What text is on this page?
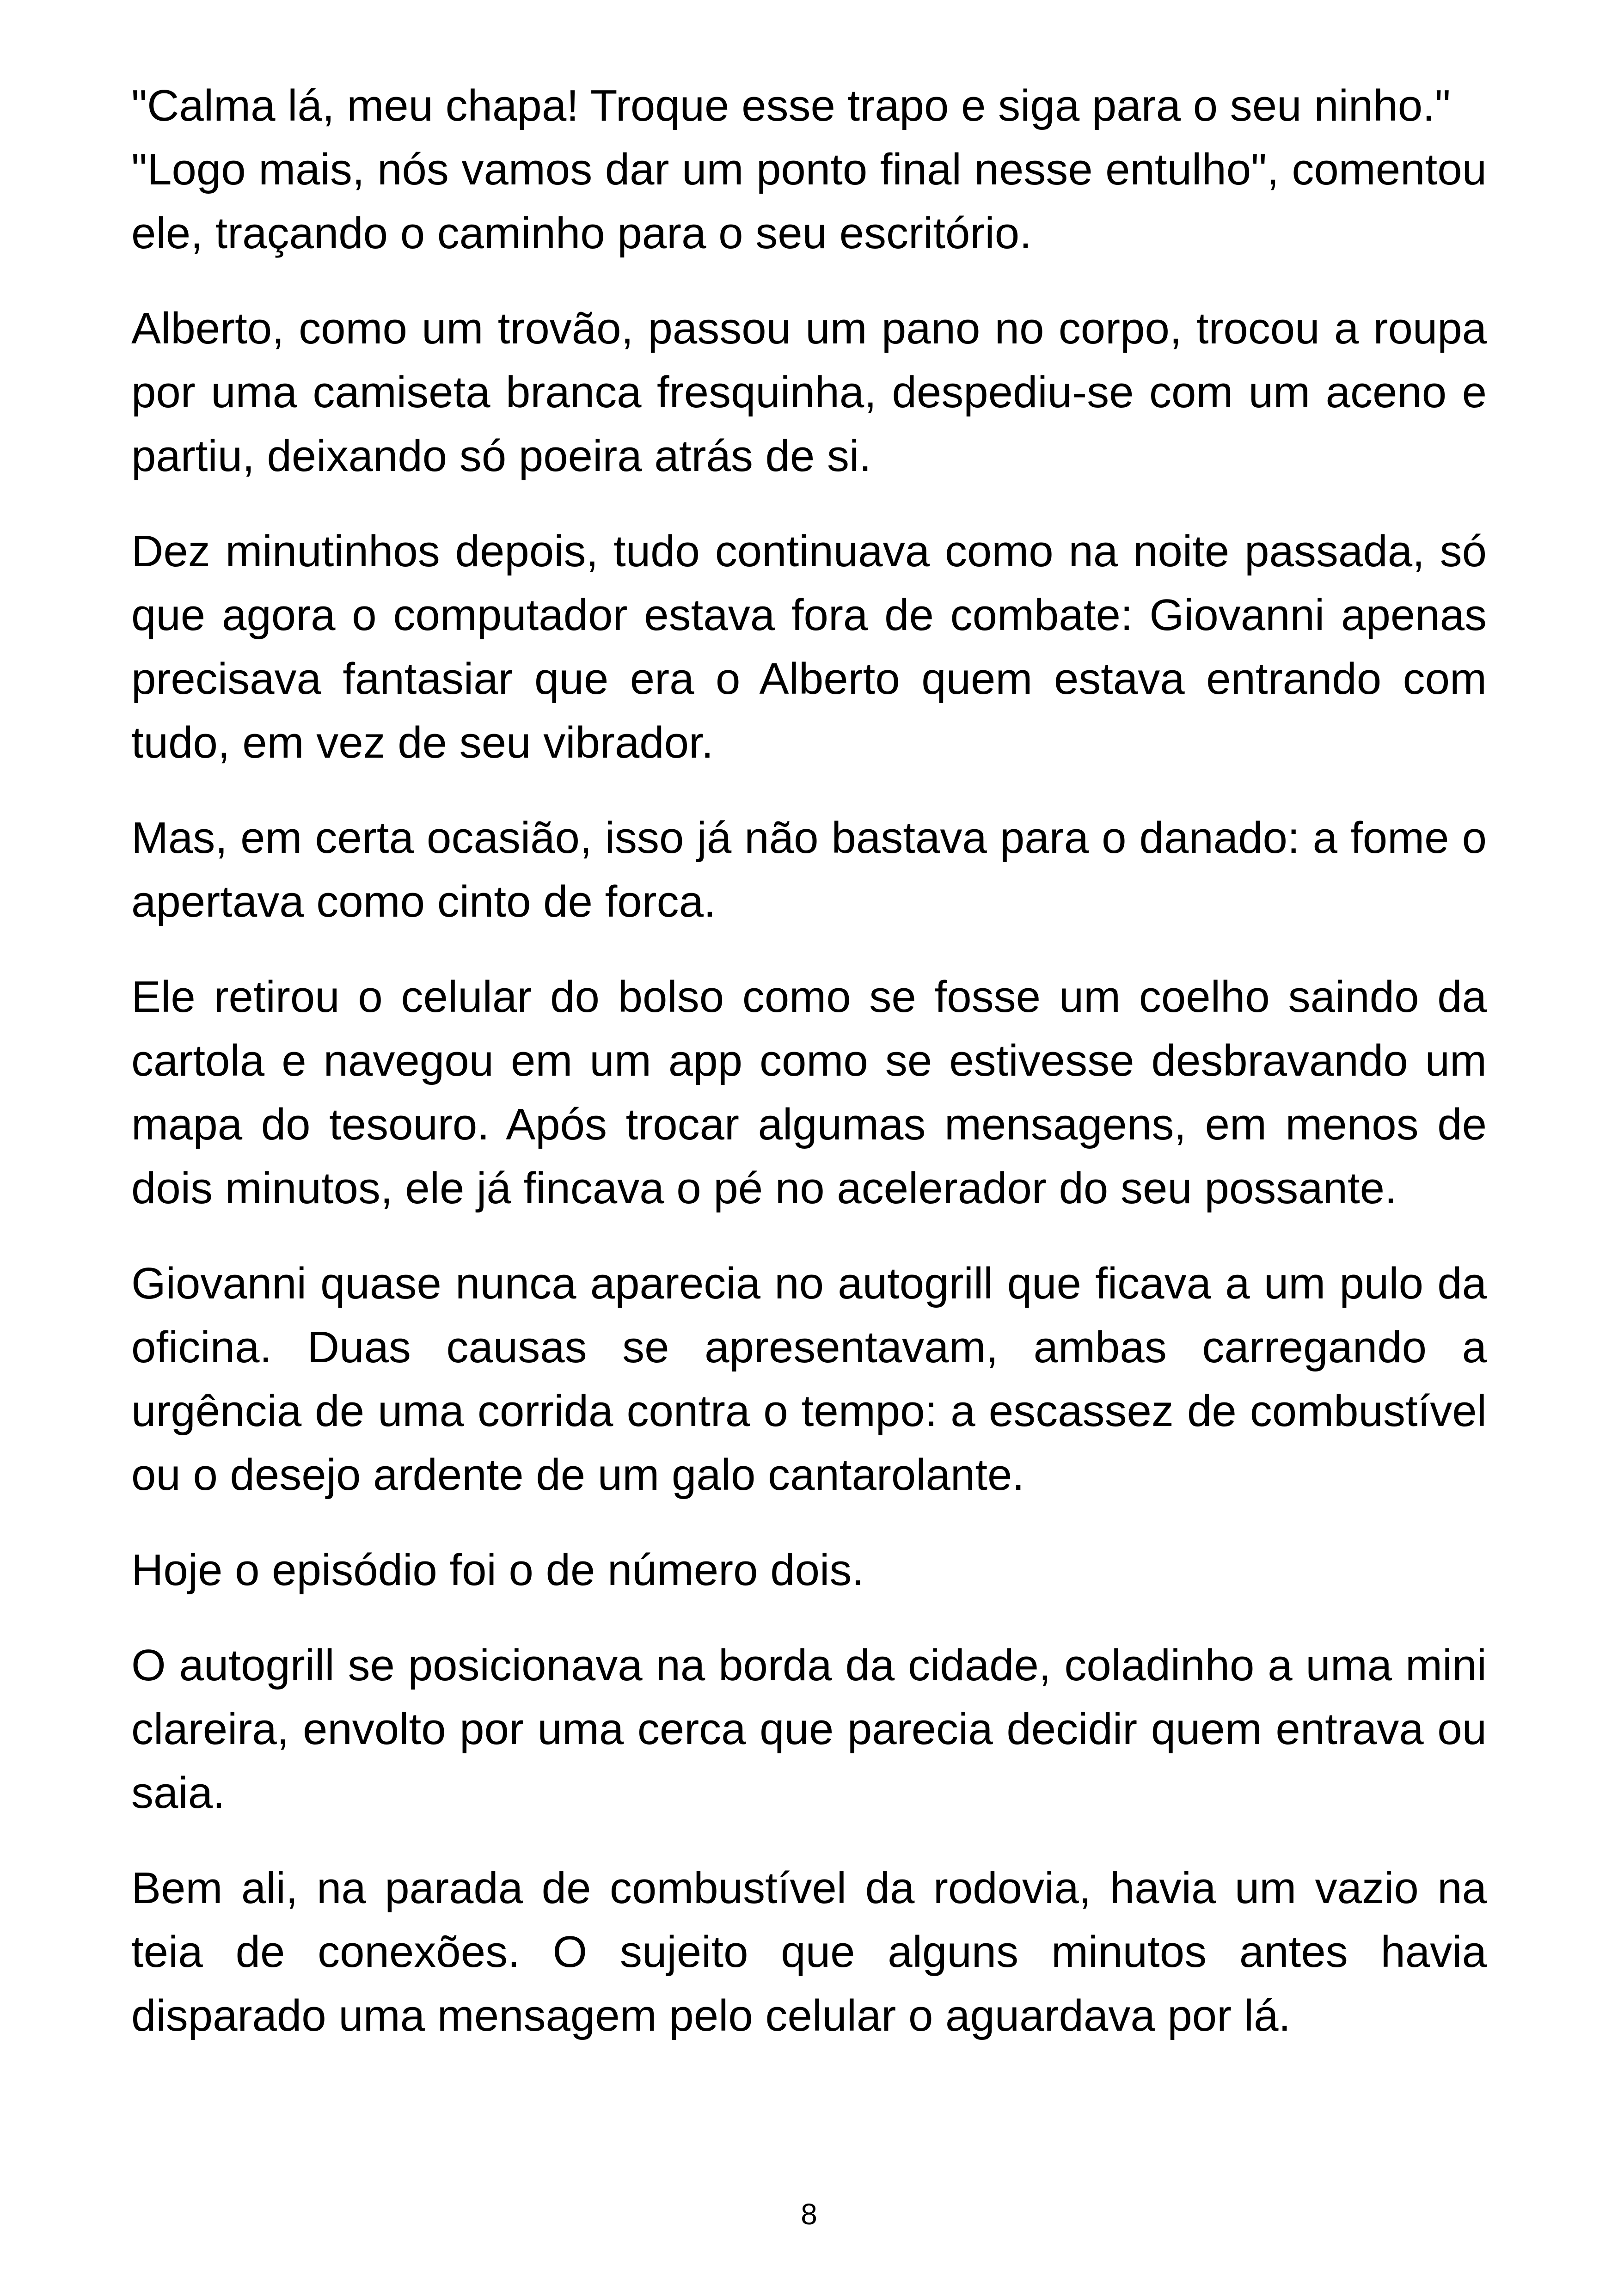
"Calma lá, meu chapa! Troque esse trapo e siga para o seu ninho."
"Logo mais, nós vamos dar um ponto final nesse entulho", comentou ele, traçando o caminho para o seu escritório.

Alberto, como um trovão, passou um pano no corpo, trocou a roupa por uma camiseta branca fresquinha, despediu-se com um aceno e partiu, deixando só poeira atrás de si.

Dez minutinhos depois, tudo continuava como na noite passada, só que agora o computador estava fora de combate: Giovanni apenas precisava fantasiar que era o Alberto quem estava entrando com tudo, em vez de seu vibrador.

Mas, em certa ocasião, isso já não bastava para o danado: a fome o apertava como cinto de forca.

Ele retirou o celular do bolso como se fosse um coelho saindo da cartola e navegou em um app como se estivesse desbravando um mapa do tesouro. Após trocar algumas mensagens, em menos de dois minutos, ele já fincava o pé no acelerador do seu possante.

Giovanni quase nunca aparecia no autogrill que ficava a um pulo da oficina. Duas causas se apresentavam, ambas carregando a urgência de uma corrida contra o tempo: a escassez de combustível ou o desejo ardente de um galo cantarolante.

Hoje o episódio foi o de número dois.

O autogrill se posicionava na borda da cidade, coladinho a uma mini clareira, envolto por uma cerca que parecia decidir quem entrava ou saia.

Bem ali, na parada de combustível da rodovia, havia um vazio na teia de conexões. O sujeito que alguns minutos antes havia disparado uma mensagem pelo celular o aguardava por lá.

8
